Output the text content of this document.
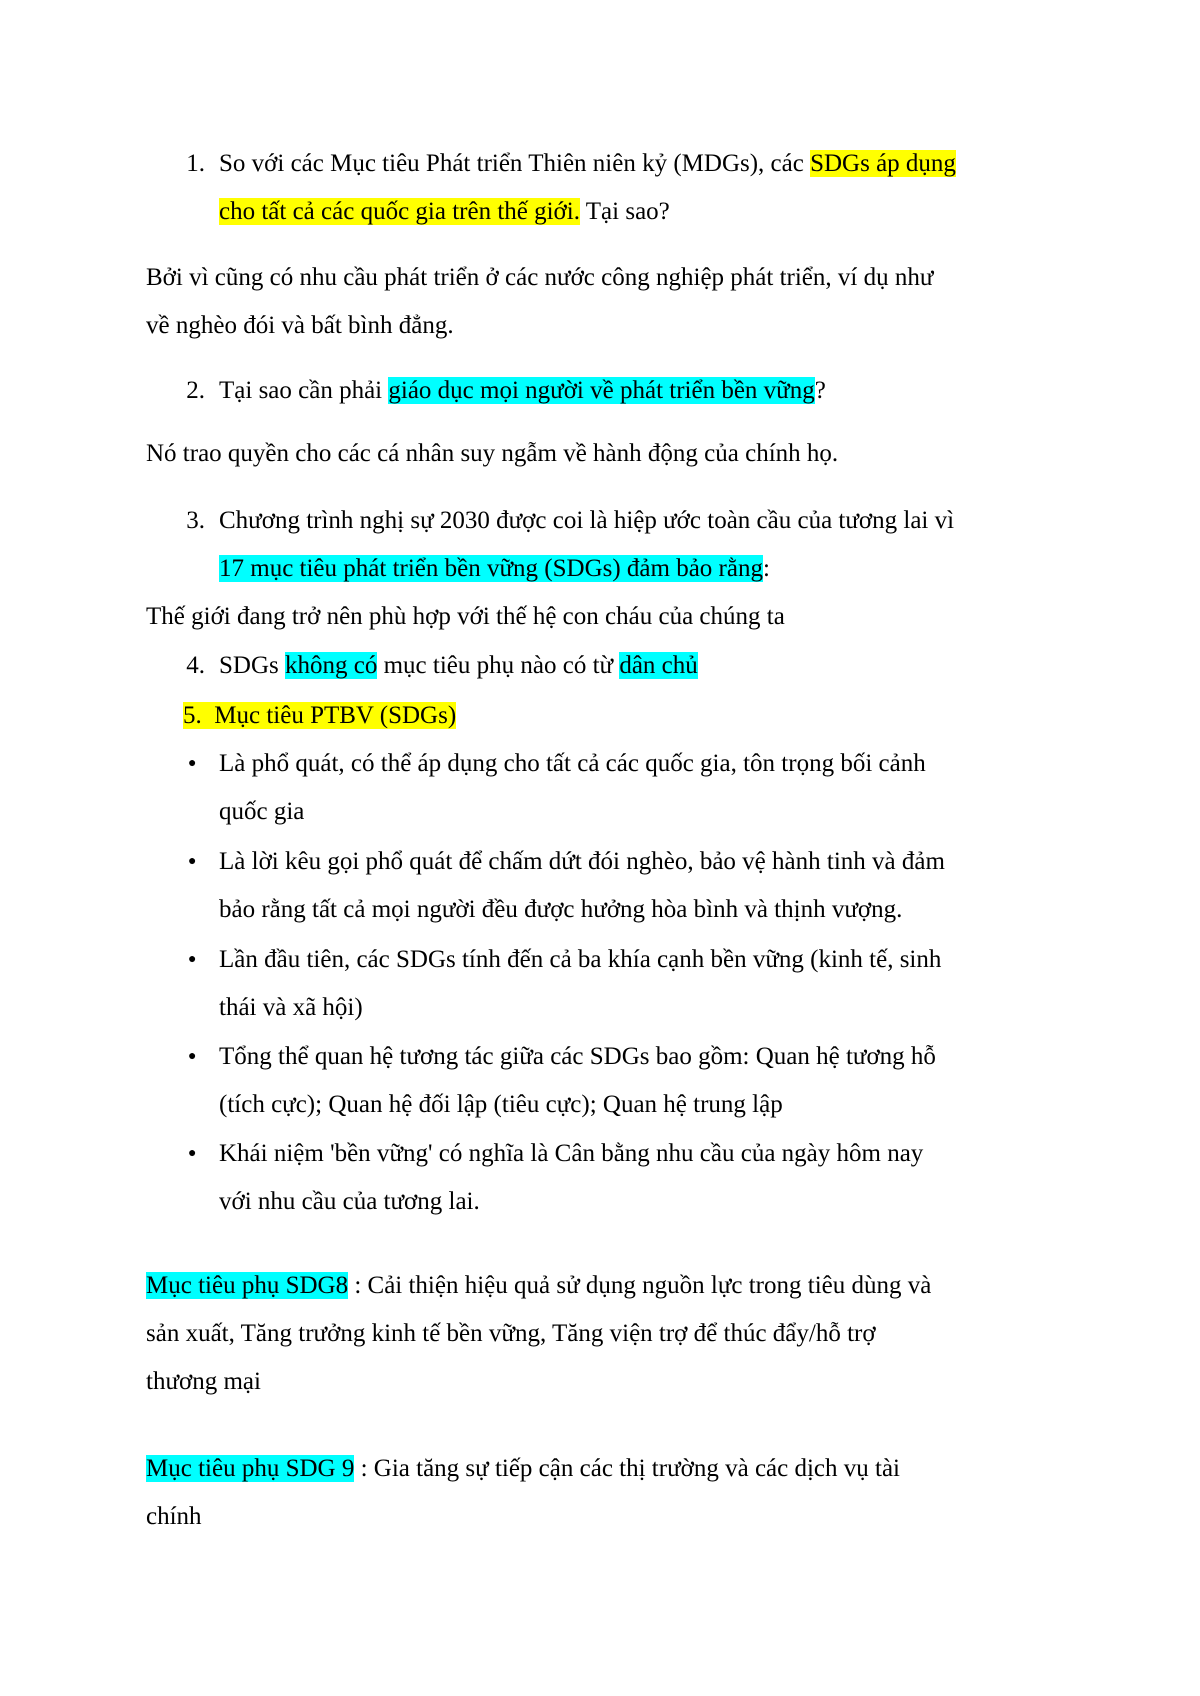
1. So với các Mục tiêu Phát triển Thiên niên kỷ (MDGs), các SDGs áp dụng
cho tất cả các quốc gia trên thế giới. Tại sao?
Bởi vì cũng có nhu cầu phát triển ở các nước công nghiệp phát triển, ví dụ như
về nghèo đói và bất bình đẳng.
2. Tại sao cần phải giáo dục mọi người về phát triển bền vững?
Nó trao quyền cho các cá nhân suy ngẫm về hành động của chính họ.
3. Chương trình nghị sự 2030 được coi là hiệp ước toàn cầu của tương lai vì
17 mục tiêu phát triển bền vững (SDGs) đảm bảo rằng:
Thế giới đang trở nên phù hợp với thế hệ con cháu của chúng ta
4. SDGs không có mục tiêu phụ nào có từ dân chủ
5.  Mục tiêu PTBV (SDGs)
● Là phổ quát, có thể áp dụng cho tất cả các quốc gia, tôn trọng bối cảnh
quốc gia
● Là lời kêu gọi phổ quát để chấm dứt đói nghèo, bảo vệ hành tinh và đảm
bảo rằng tất cả mọi người đều được hưởng hòa bình và thịnh vượng.
● Lần đầu tiên, các SDGs tính đến cả ba khía cạnh bền vững (kinh tế, sinh
thái và xã hội)
● Tổng thể quan hệ tương tác giữa các SDGs bao gồm: Quan hệ tương hỗ
(tích cực); Quan hệ đối lập (tiêu cực); Quan hệ trung lập
● Khái niệm 'bền vững' có nghĩa là Cân bằng nhu cầu của ngày hôm nay
với nhu cầu của tương lai.
Mục tiêu phụ SDG8 : Cải thiện hiệu quả sử dụng nguồn lực trong tiêu dùng và
sản xuất, Tăng trưởng kinh tế bền vững, Tăng viện trợ để thúc đẩy/hỗ trợ
thương mại
Mục tiêu phụ SDG 9 : Gia tăng sự tiếp cận các thị trường và các dịch vụ tài
chính
